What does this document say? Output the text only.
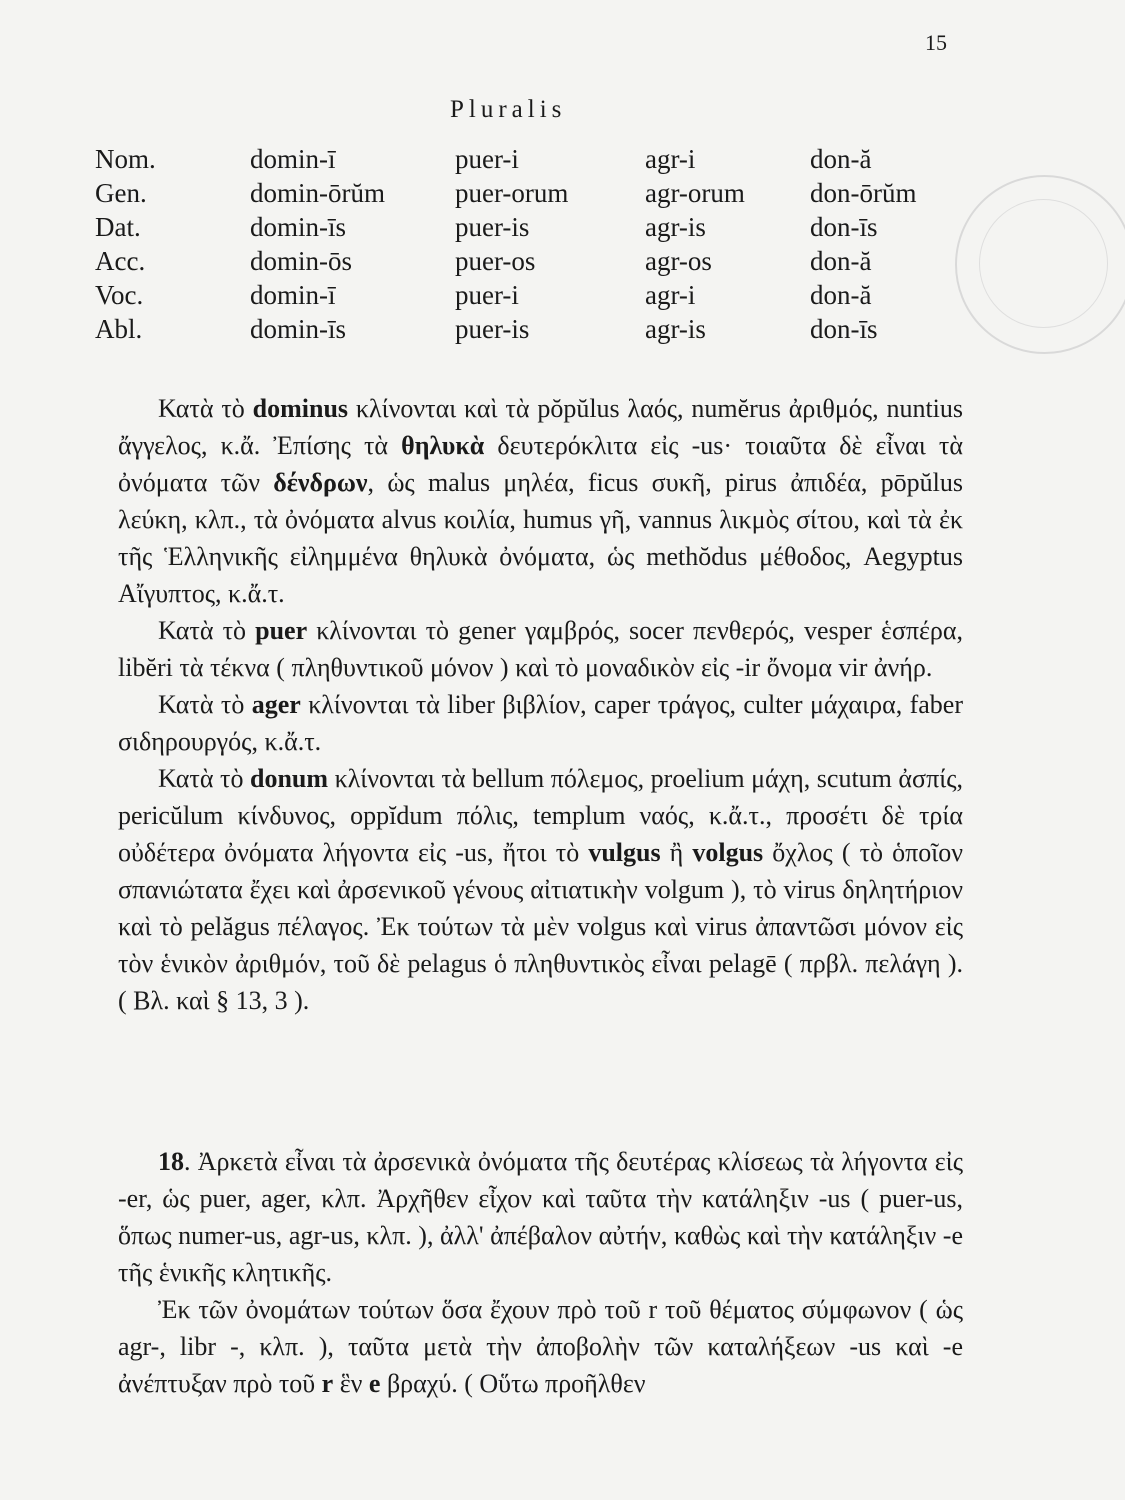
15
Pluralis
Nom.	domin-ī	puer-i	agr-i	don-ă
Gen.	domin-ōrŭm	puer-orum	agr-orum	don-ōrŭm
Dat.	domin-īs	puer-is	agr-is	don-īs
Acc.	domin-ōs	puer-os	agr-os	don-ă
Voc.	domin-ī	puer-i	agr-i	don-ă
Abl.	domin-īs	puer-is	agr-is	don-īs

Κατὰ τὸ dominus κλίνονται καὶ τὰ pŏpŭlus λαός, numĕrus ἀριθμός, nuntius ἄγγελος, κ.ἄ. Ἐπίσης τὰ θηλυκὰ δευτερόκλιτα εἰς -us· τοιαῦτα δὲ εἶναι τὰ ὀνόματα τῶν δένδρων, ὡς malus μηλέα, ficus συκῆ, pirus ἀπιδέα, pōpŭlus λεύκη, κλπ., τὰ ὀνόματα alvus κοιλία, humus γῆ, vannus λικμὸς σίτου, καὶ τὰ ἐκ τῆς Ἑλληνικῆς εἰλημμένα θηλυκὰ ὀνόματα, ὡς methŏdus μέθοδος, Aegyptus Αἴγυπτος, κ.ἄ.τ.

Κατὰ τὸ puer κλίνονται τὸ gener γαμβρός, socer πενθερός, vesper ἑσπέρα, libĕri τὰ τέκνα ( πληθυντικοῦ μόνον ) καὶ τὸ μοναδικὸν εἰς -ir ὄνομα vir ἀνήρ.

Κατὰ τὸ ager κλίνονται τὰ liber βιβλίον, caper τράγος, culter μάχαιρα, faber σιδηρουργός, κ.ἄ.τ.

Κατὰ τὸ donum κλίνονται τὰ bellum πόλεμος, proelium μάχη, scutum ἀσπίς, pericŭlum κίνδυνος, oppĭdum πόλις, templum ναός, κ.ἄ.τ., προσέτι δὲ τρία οὐδέτερα ὀνόματα λήγοντα εἰς -us, ἤτοι τὸ vulgus ἢ volgus ὄχλος ( τὸ ὁποῖον σπανιώτατα ἔχει καὶ ἀρσενικοῦ γένους αἰτιατικὴν volgum ), τὸ virus δηλητήριον καὶ τὸ pelăgus πέλαγος. Ἐκ τούτων τὰ μὲν volgus καὶ virus ἀπαντῶσι μόνον εἰς τὸν ἑνικὸν ἀριθμόν, τοῦ δὲ pelagus ὁ πληθυντικὸς εἶναι pelagē ( πρβλ. πελάγη ). ( Βλ. καὶ § 13, 3 ).

18. Ἀρκετὰ εἶναι τὰ ἀρσενικὰ ὀνόματα τῆς δευτέρας κλίσεως τὰ λήγοντα εἰς -er, ὡς puer, ager, κλπ. Ἀρχῆθεν εἶχον καὶ ταῦτα τὴν κατάληξιν -us ( puer-us, ὅπως numer-us, agr-us, κλπ. ), ἀλλ' ἀπέβαλον αὐτήν, καθὼς καὶ τὴν κατάληξιν -e τῆς ἑνικῆς κλητικῆς.

Ἐκ τῶν ὀνομάτων τούτων ὅσα ἔχουν πρὸ τοῦ r τοῦ θέματος σύμφωνον ( ὡς agr-, libr -, κλπ. ), ταῦτα μετὰ τὴν ἀποβολὴν τῶν καταλήξεων -us καὶ -e ἀνέπτυξαν πρὸ τοῦ r ἓν e βραχύ. ( Οὕτω προῆλθεν
